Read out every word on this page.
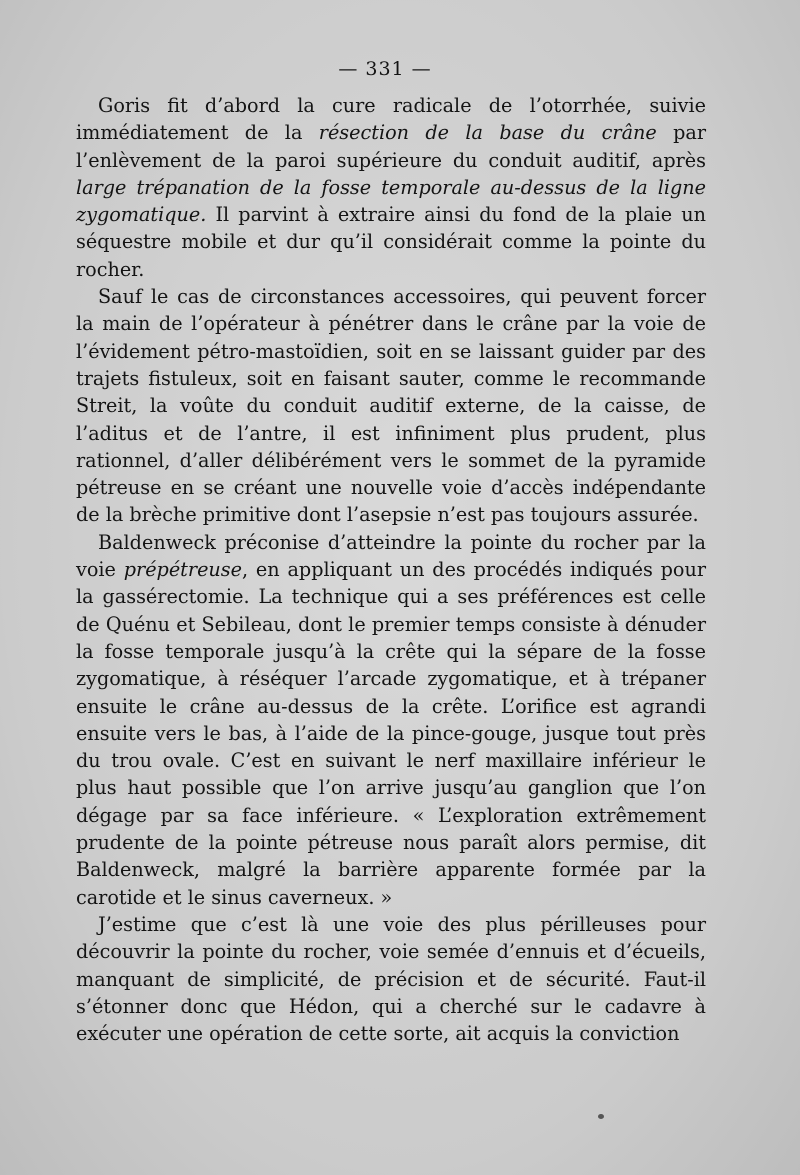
— 331 —

Goris fit d’abord la cure radicale de l’otorrhée, suivie immédiatement de la résection de la base du crâne par l’enlèvement de la paroi supérieure du conduit auditif, après large trépanation de la fosse temporale au-dessus de la ligne zygomatique. Il parvint à extraire ainsi du fond de la plaie un séquestre mobile et dur qu’il considérait comme la pointe du rocher.

Sauf le cas de circonstances accessoires, qui peuvent forcer la main de l’opérateur à pénétrer dans le crâne par la voie de l’évidement pétro-mastoïdien, soit en se laissant guider par des trajets fistuleux, soit en faisant sauter, comme le recommande Streit, la voûte du conduit auditif externe, de la caisse, de l’aditus et de l’antre, il est infiniment plus prudent, plus rationnel, d’aller délibérément vers le sommet de la pyramide pétreuse en se créant une nouvelle voie d’accès indépendante de la brèche primitive dont l’asepsie n’est pas toujours assurée.

Baldenweck préconise d’atteindre la pointe du rocher par la voie prépétreuse, en appliquant un des procédés indiqués pour la gassérectomie. La technique qui a ses préférences est celle de Quénu et Sebileau, dont le premier temps consiste à dénuder la fosse temporale jusqu’à la crête qui la sépare de la fosse zygomatique, à réséquer l’arcade zygomatique, et à trépaner ensuite le crâne au-dessus de la crête. L’orifice est agrandi ensuite vers le bas, à l’aide de la pince-gouge, jusque tout près du trou ovale. C’est en suivant le nerf maxillaire inférieur le plus haut possible que l’on arrive jusqu’au ganglion que l’on dégage par sa face inférieure. « L’exploration extrêmement prudente de la pointe pétreuse nous paraît alors permise, dit Baldenweck, malgré la barrière apparente formée par la carotide et le sinus caverneux. »

J’estime que c’est là une voie des plus périlleuses pour découvrir la pointe du rocher, voie semée d’ennuis et d’écueils, manquant de simplicité, de précision et de sécurité. Faut-il s’étonner donc que Hédon, qui a cherché sur le cadavre à exécuter une opération de cette sorte, ait acquis la conviction
